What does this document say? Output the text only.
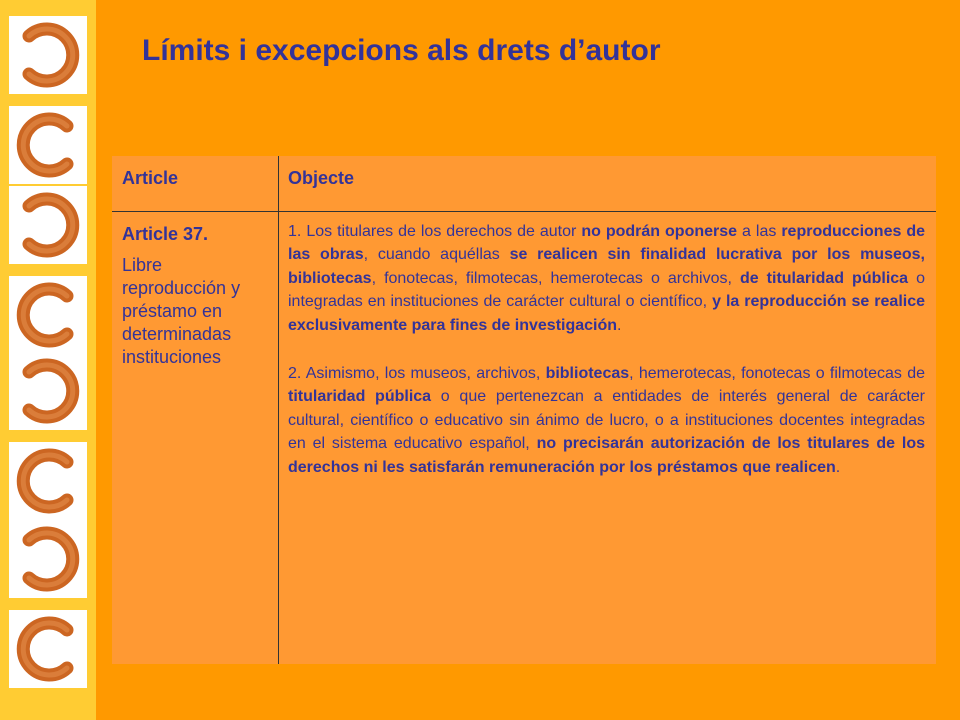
Límits i excepcions als drets d’autor
Article	Objecte
Article 37.
Libre reproducción y préstamo en determinadas instituciones

1. Los titulares de los derechos de autor no podrán oponerse a las reproducciones de las obras, cuando aquéllas se realicen sin finalidad lucrativa por los museos, bibliotecas, fonotecas, filmotecas, hemerotecas o archivos, de titularidad pública o integradas en instituciones de carácter cultural o científico, y la reproducción se realice exclusivamente para fines de investigación.

2. Asimismo, los museos, archivos, bibliotecas, hemerotecas, fonotecas o filmotecas de titularidad pública o que pertenezcan a entidades de interés general de carácter cultural, científico o educativo sin ánimo de lucro, o a instituciones docentes integradas en el sistema educativo español, no precisarán autorización de los titulares de los derechos ni les satisfarán remuneración por los préstamos que realicen.
